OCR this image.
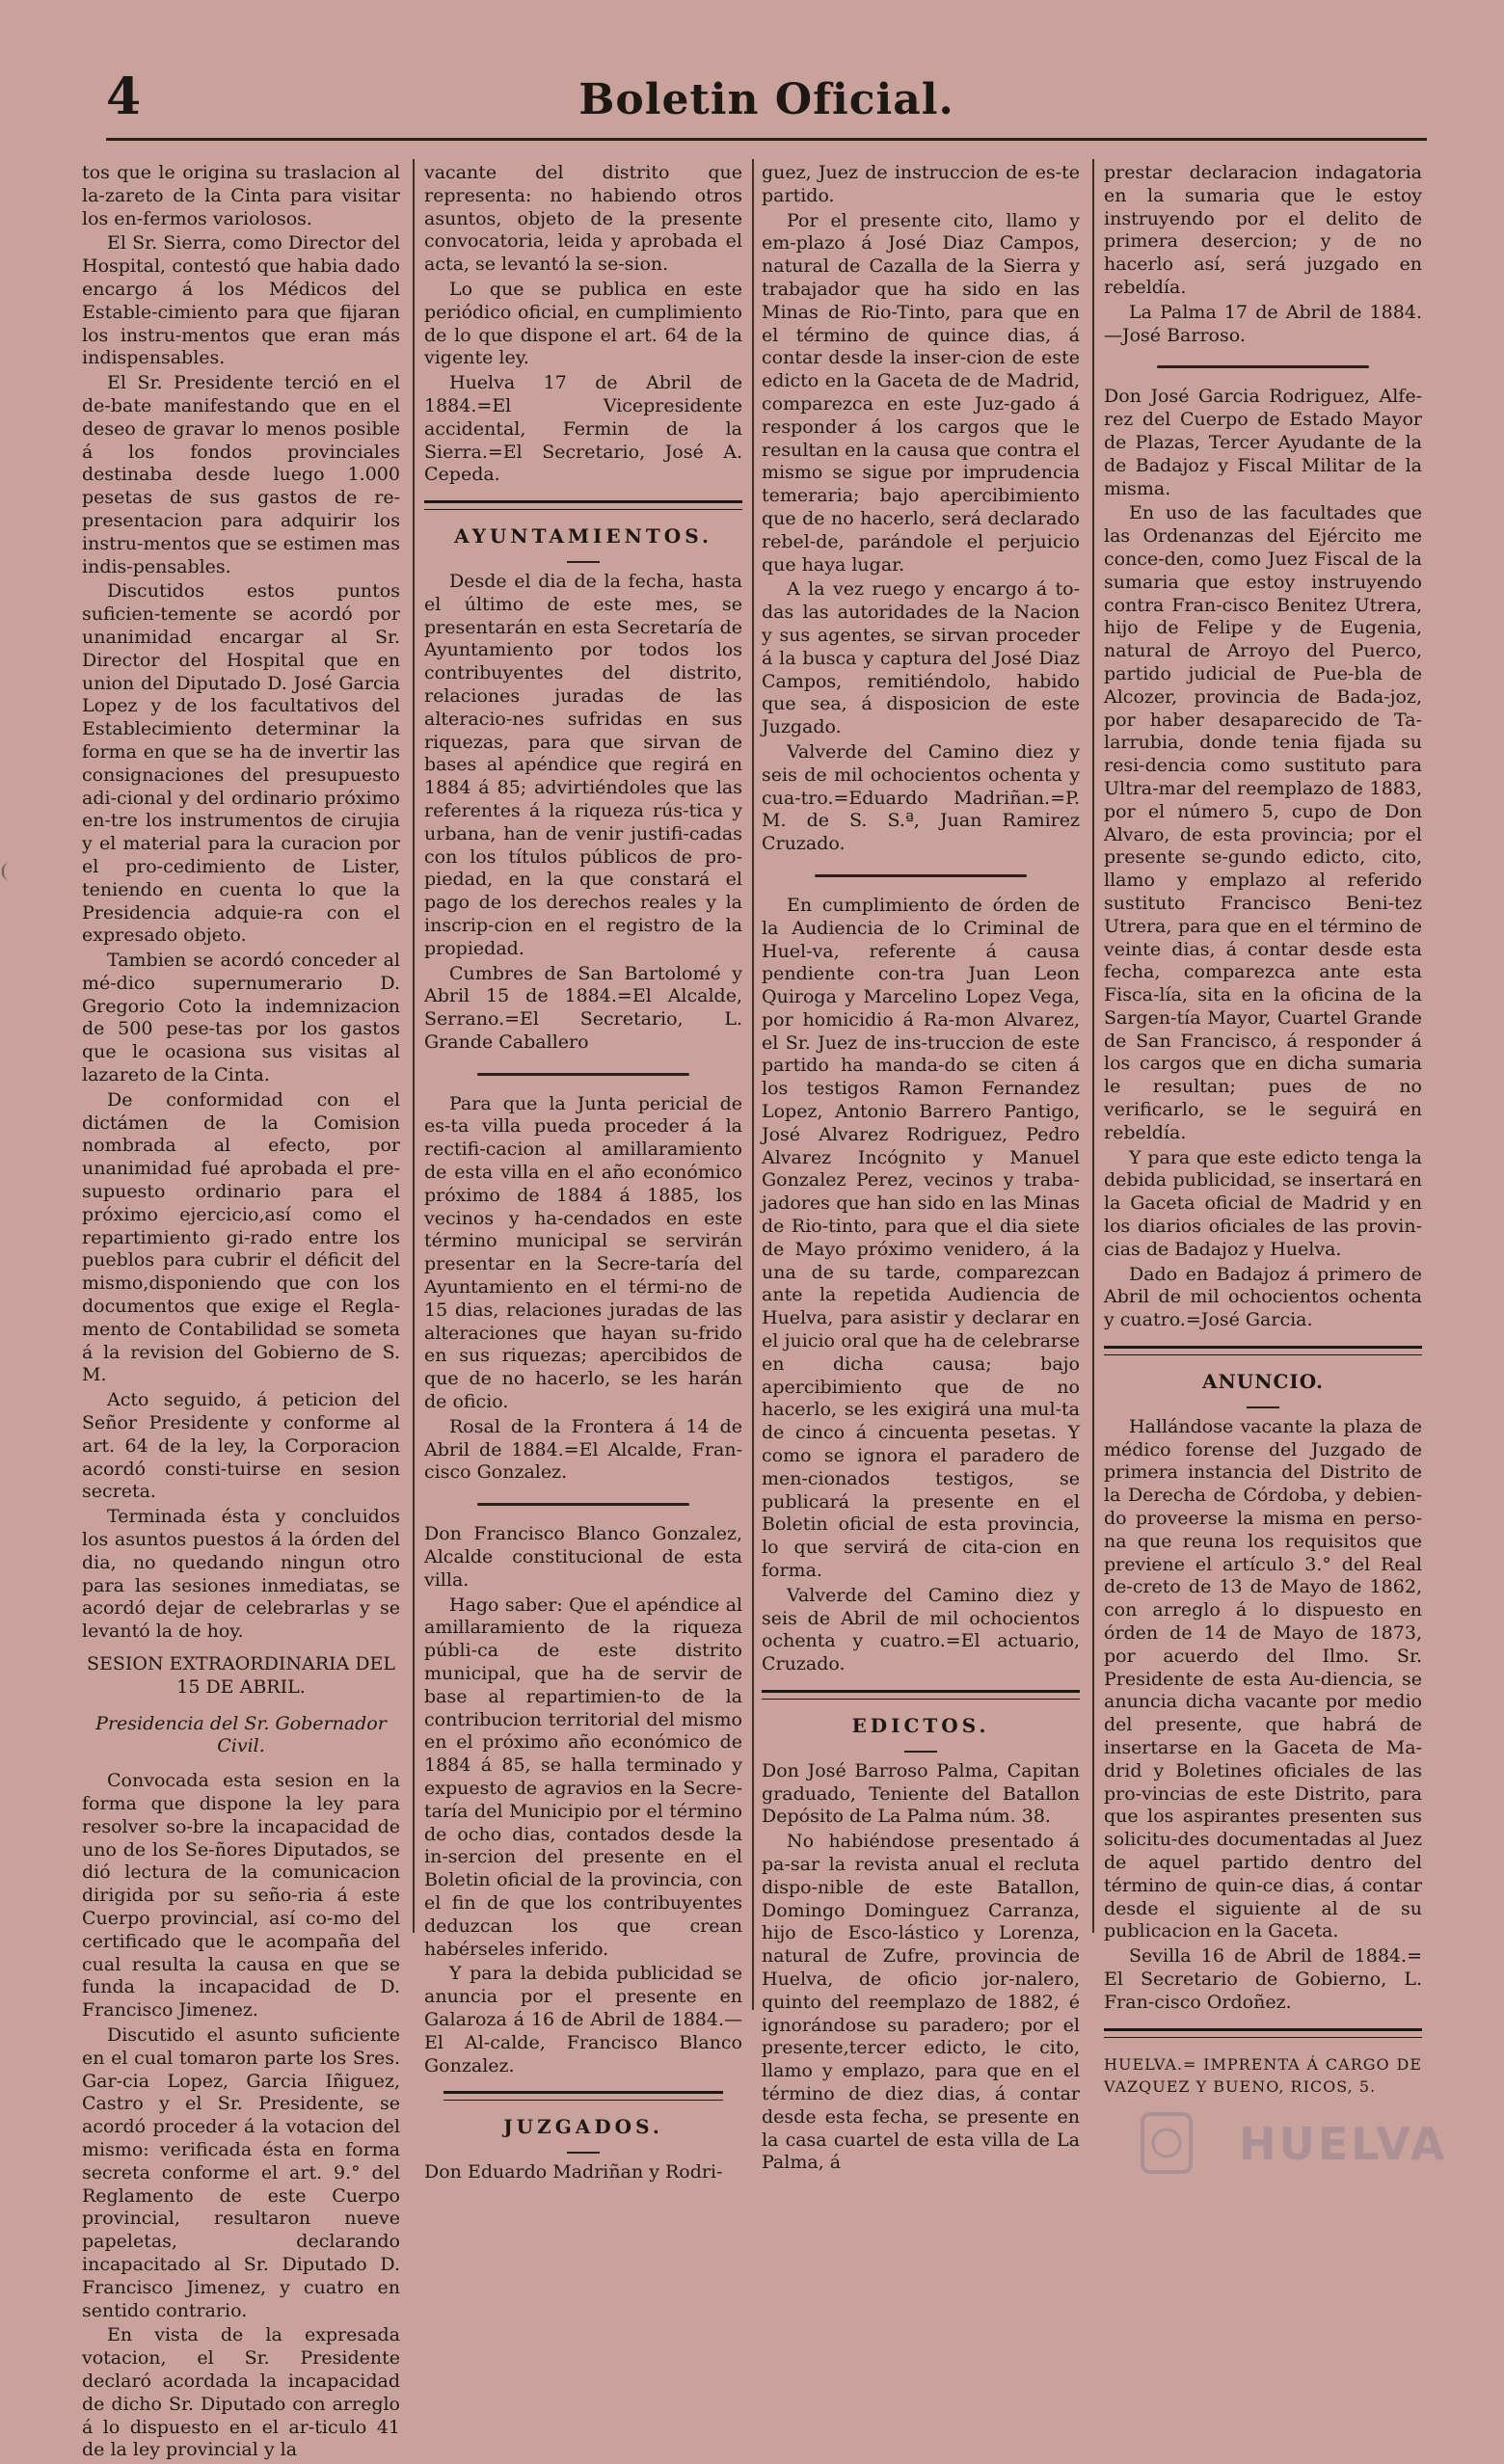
4	Boletin Oficial.

tos que le origina su traslacion al la-zareto de la Cinta para visitar los en-fermos variolosos.

El Sr. Sierra, como Director del Hospital, contestó que habia dado encargo á los Médicos del Estable-cimiento para que fijaran los instru-mentos que eran más indispensables.

El Sr. Presidente terció en el de-bate manifestando que en el deseo de gravar lo menos posible á los fondos provinciales destinaba desde luego 1.000 pesetas de sus gastos de re-presentacion para adquirir los instru-mentos que se estimen mas indis-pensables.

Discutidos estos puntos suficien-temente se acordó por unanimidad encargar al Sr. Director del Hospital que en union del Diputado D. José Garcia Lopez y de los facultativos del Establecimiento determinar la forma en que se ha de invertir las consignaciones del presupuesto adi-cional y del ordinario próximo en-tre los instrumentos de cirujia y el material para la curacion por el pro-cedimiento de Lister, teniendo en cuenta lo que la Presidencia adquie-ra con el expresado objeto.

Tambien se acordó conceder al mé-dico supernumerario D. Gregorio Coto la indemnizacion de 500 pese-tas por los gastos que le ocasiona sus visitas al lazareto de la Cinta.

De conformidad con el dictámen de la Comision nombrada al efecto, por unanimidad fué aprobada el pre-supuesto ordinario para el próximo ejercicio,así como el repartimiento gi-rado entre los pueblos para cubrir el déficit del mismo,disponiendo que con los documentos que exige el Regla-mento de Contabilidad se someta á la revision del Gobierno de S. M.

Acto seguido, á peticion del Señor Presidente y conforme al art. 64 de la ley, la Corporacion acordó consti-tuirse en sesion secreta.

Terminada ésta y concluidos los asuntos puestos á la órden del dia, no quedando ningun otro para las sesiones inmediatas, se acordó dejar de celebrarlas y se levantó la de hoy.

SESION EXTRAORDINARIA DEL 15 DE ABRIL.

Presidencia del Sr. Gobernador Civil.

Convocada esta sesion en la forma que dispone la ley para resolver so-bre la incapacidad de uno de los Se-ñores Diputados, se dió lectura de la comunicacion dirigida por su seño-ria á este Cuerpo provincial, así co-mo del certificado que le acompaña del cual resulta la causa en que se funda la incapacidad de D. Francisco Jimenez.

Discutido el asunto suficiente en el cual tomaron parte los Sres. Gar-cia Lopez, Garcia Iñiguez, Castro y el Sr. Presidente, se acordó proceder á la votacion del mismo: verificada ésta en forma secreta conforme el art. 9.° del Reglamento de este Cuerpo provincial, resultaron nueve papeletas, declarando incapacitado al Sr. Diputado D. Francisco Jimenez, y cuatro en sentido contrario.

En vista de la expresada votacion, el Sr. Presidente declaró acordada la incapacidad de dicho Sr. Diputado con arreglo á lo dispuesto en el ar-ticulo 41 de la ley provincial y la

vacante del distrito que representa: no habiendo otros asuntos, objeto de la presente convocatoria, leida y aprobada el acta, se levantó la se-sion.

Lo que se publica en este periódico oficial, en cumplimiento de lo que dispone el art. 64 de la vigente ley.

Huelva 17 de Abril de 1884.=El Vicepresidente accidental, Fermin de la Sierra.=El Secretario, José A. Cepeda.

AYUNTAMIENTOS.

Desde el dia de la fecha, hasta el último de este mes, se presentarán en esta Secretaría de Ayuntamiento por todos los contribuyentes del distrito, relaciones juradas de las alteracio-nes sufridas en sus riquezas, para que sirvan de bases al apéndice que regirá en 1884 á 85; advirtiéndoles que las referentes á la riqueza rús-tica y urbana, han de venir justifi-cadas con los títulos públicos de pro-piedad, en la que constará el pago de los derechos reales y la inscrip-cion en el registro de la propiedad.

Cumbres de San Bartolomé y Abril 15 de 1884.=El Alcalde, Serrano.=El Secretario, L. Grande Caballero

Para que la Junta pericial de es-ta villa pueda proceder á la rectifi-cacion al amillaramiento de esta villa en el año económico próximo de 1884 á 1885, los vecinos y ha-cendados en este término municipal se servirán presentar en la Secre-taría del Ayuntamiento en el térmi-no de 15 dias, relaciones juradas de las alteraciones que hayan su-frido en sus riquezas; apercibidos de que de no hacerlo, se les harán de oficio.

Rosal de la Frontera á 14 de Abril de 1884.=El Alcalde, Fran-cisco Gonzalez.

Don Francisco Blanco Gonzalez, Alcalde constitucional de esta villa.

Hago saber: Que el apéndice al amillaramiento de la riqueza públi-ca de este distrito municipal, que ha de servir de base al repartimien-to de la contribucion territorial del mismo en el próximo año económico de 1884 á 85, se halla terminado y expuesto de agravios en la Secre-taría del Municipio por el término de ocho dias, contados desde la in-sercion del presente en el Boletin oficial de la provincia, con el fin de que los contribuyentes deduzcan los que crean habérseles inferido.

Y para la debida publicidad se anuncia por el presente en Galaroza á 16 de Abril de 1884.—El Al-calde, Francisco Blanco Gonzalez.

JUZGADOS.

Don Eduardo Madriñan y Rodri-

guez, Juez de instruccion de es-te partido.

Por el presente cito, llamo y em-plazo á José Diaz Campos, natural de Cazalla de la Sierra y trabajador que ha sido en las Minas de Rio-Tinto, para que en el término de quince dias, á contar desde la inser-cion de este edicto en la Gaceta de de Madrid, comparezca en este Juz-gado á responder á los cargos que le resultan en la causa que contra el mismo se sigue por imprudencia temeraria; bajo apercibimiento que de no hacerlo, será declarado rebel-de, parándole el perjuicio que haya lugar.

A la vez ruego y encargo á to-das las autoridades de la Nacion y sus agentes, se sirvan proceder á la busca y captura del José Diaz Campos, remitiéndolo, habido que sea, á disposicion de este Juzgado.

Valverde del Camino diez y seis de mil ochocientos ochenta y cua-tro.=Eduardo Madriñan.=P. M. de S. S.ª, Juan Ramirez Cruzado.

En cumplimiento de órden de la Audiencia de lo Criminal de Huel-va, referente á causa pendiente con-tra Juan Leon Quiroga y Marcelino Lopez Vega, por homicidio á Ra-mon Alvarez, el Sr. Juez de ins-truccion de este partido ha manda-do se citen á los testigos Ramon Fernandez Lopez, Antonio Barrero Pantigo, José Alvarez Rodriguez, Pedro Alvarez Incógnito y Manuel Gonzalez Perez, vecinos y traba-jadores que han sido en las Minas de Rio-tinto, para que el dia siete de Mayo próximo venidero, á la una de su tarde, comparezcan ante la repetida Audiencia de Huelva, para asistir y declarar en el juicio oral que ha de celebrarse en dicha causa; bajo apercibimiento que de no hacerlo, se les exigirá una mul-ta de cinco á cincuenta pesetas. Y como se ignora el paradero de men-cionados testigos, se publicará la presente en el Boletin oficial de esta provincia, lo que servirá de cita-cion en forma.

Valverde del Camino diez y seis de Abril de mil ochocientos ochenta y cuatro.=El actuario, Cruzado.

EDICTOS.

Don José Barroso Palma, Capitan graduado, Teniente del Batallon Depósito de La Palma núm. 38.

No habiéndose presentado á pa-sar la revista anual el recluta dispo-nible de este Batallon, Domingo Dominguez Carranza, hijo de Esco-lástico y Lorenza, natural de Zufre, provincia de Huelva, de oficio jor-nalero, quinto del reemplazo de 1882, é ignorándose su paradero; por el presente,tercer edicto, le cito, llamo y emplazo, para que en el término de diez dias, á contar desde esta fecha, se presente en la casa cuartel de esta villa de La Palma, á

prestar declaracion indagatoria en la sumaria que le estoy instruyendo por el delito de primera desercion; y de no hacerlo así, será juzgado en rebeldía.

La Palma 17 de Abril de 1884. —José Barroso.

Don José Garcia Rodriguez, Alfe-rez del Cuerpo de Estado Mayor de Plazas, Tercer Ayudante de la de Badajoz y Fiscal Militar de la misma.

En uso de las facultades que las Ordenanzas del Ejército me conce-den, como Juez Fiscal de la sumaria que estoy instruyendo contra Fran-cisco Benitez Utrera, hijo de Felipe y de Eugenia, natural de Arroyo del Puerco, partido judicial de Pue-bla de Alcozer, provincia de Bada-joz, por haber desaparecido de Ta-larrubia, donde tenia fijada su resi-dencia como sustituto para Ultra-mar del reemplazo de 1883, por el número 5, cupo de Don Alvaro, de esta provincia; por el presente se-gundo edicto, cito, llamo y emplazo al referido sustituto Francisco Beni-tez Utrera, para que en el término de veinte dias, á contar desde esta fecha, comparezca ante esta Fisca-lía, sita en la oficina de la Sargen-tía Mayor, Cuartel Grande de San Francisco, á responder á los cargos que en dicha sumaria le resultan; pues de no verificarlo, se le seguirá en rebeldía.

Y para que este edicto tenga la debida publicidad, se insertará en la Gaceta oficial de Madrid y en los diarios oficiales de las provin-cias de Badajoz y Huelva.

Dado en Badajoz á primero de Abril de mil ochocientos ochenta y cuatro.=José Garcia.

ANUNCIO.

Hallándose vacante la plaza de médico forense del Juzgado de primera instancia del Distrito de la Derecha de Córdoba, y debien-do proveerse la misma en perso-na que reuna los requisitos que previene el artículo 3.° del Real de-creto de 13 de Mayo de 1862, con arreglo á lo dispuesto en órden de 14 de Mayo de 1873, por acuerdo del Ilmo. Sr. Presidente de esta Au-diencia, se anuncia dicha vacante por medio del presente, que habrá de insertarse en la Gaceta de Ma-drid y Boletines oficiales de las pro-vincias de este Distrito, para que los aspirantes presenten sus solicitu-des documentadas al Juez de aquel partido dentro del término de quin-ce dias, á contar desde el siguiente al de su publicacion en la Gaceta.

Sevilla 16 de Abril de 1884.= El Secretario de Gobierno, L. Fran-cisco Ordoñez.

HUELVA.= IMPRENTA Á CARGO DE VAZQUEZ Y BUENO, RICOS, 5.

HUELVA
